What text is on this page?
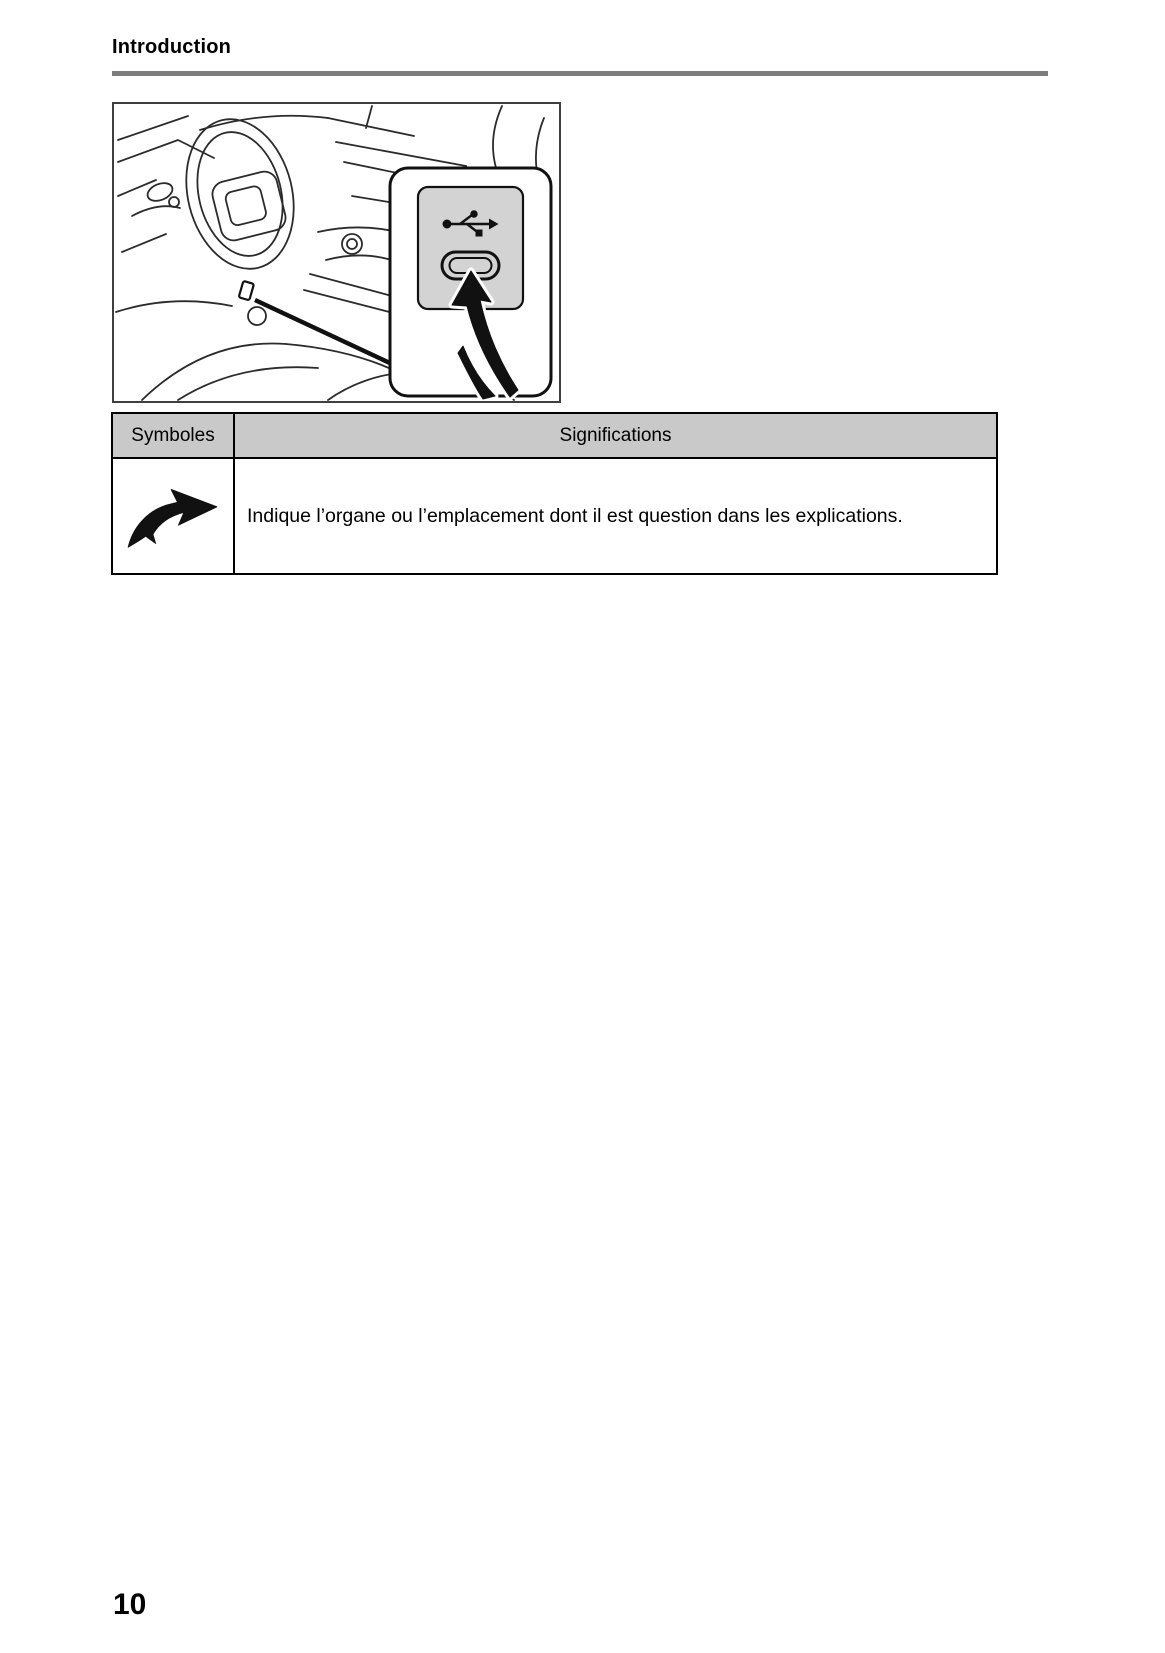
Introduction
Symboles	Significations
Indique l’organe ou l’emplacement dont il est question dans les explications.
10
